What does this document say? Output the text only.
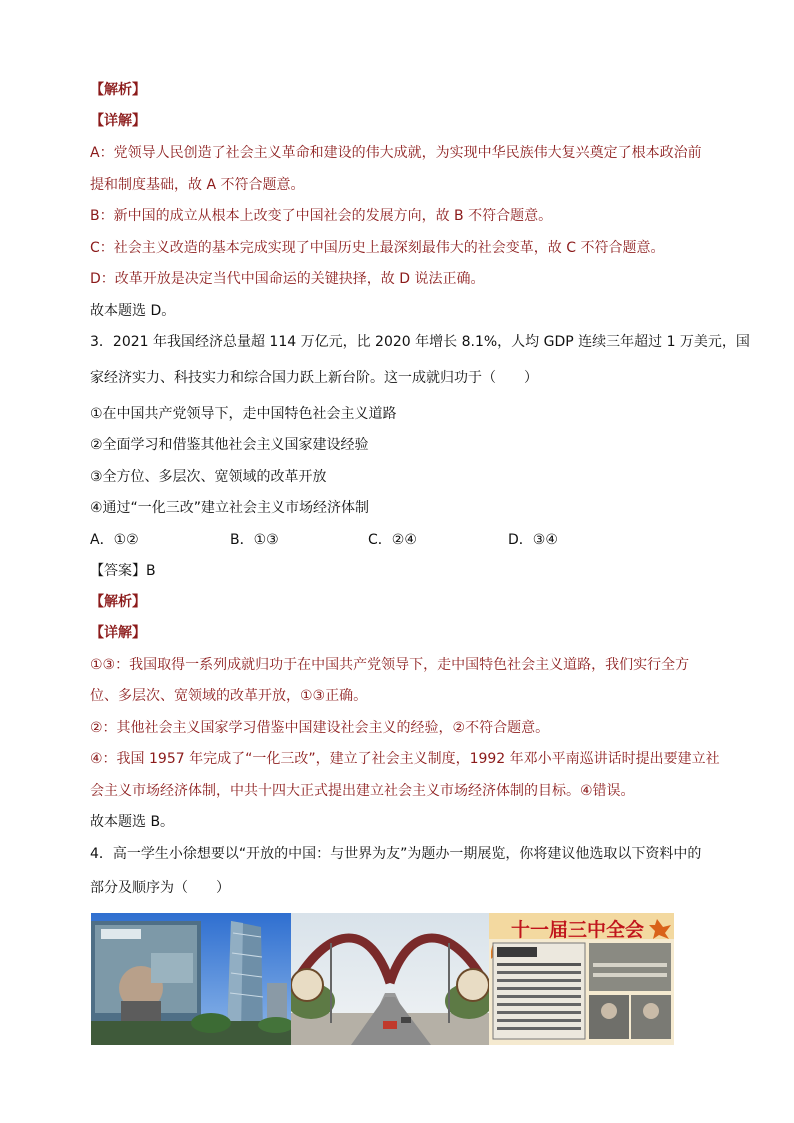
【解析】
【详解】
A：党领导人民创造了社会主义革命和建设的伟大成就，为实现中华民族伟大复兴奠定了根本政治前
提和制度基础，故 A 不符合题意。
B：新中国的成立从根本上改变了中国社会的发展方向，故 B 不符合题意。
C：社会主义改造的基本完成实现了中国历史上最深刻最伟大的社会变革，故 C 不符合题意。
D：改革开放是决定当代中国命运的关键抉择，故 D 说法正确。
故本题选 D。
3．2021 年我国经济总量超 114 万亿元，比 2020 年增长 8.1%，人均 GDP 连续三年超过 1 万美元，国
家经济实力、科技实力和综合国力跃上新台阶。这一成就归功于（　　）
①在中国共产党领导下，走中国特色社会主义道路
②全面学习和借鉴其他社会主义国家建设经验
③全方位、多层次、宽领域的改革开放
④通过“一化三改”建立社会主义市场经济体制
A．①②	B．①③	C．②④	D．③④
【答案】B
【解析】
【详解】
①③：我国取得一系列成就归功于在中国共产党领导下，走中国特色社会主义道路，我们实行全方
位、多层次、宽领域的改革开放，①③正确。
②：其他社会主义国家学习借鉴中国建设社会主义的经验，②不符合题意。
④：我国 1957 年完成了“一化三改”，建立了社会主义制度，1992 年邓小平南巡讲话时提出要建立社
会主义市场经济体制，中共十四大正式提出建立社会主义市场经济体制的目标。④错误。
故本题选 B。
4．高一学生小徐想要以“开放的中国：与世界为友”为题办一期展览，你将建议他选取以下资料中的
部分及顺序为（　　）
十一届三中全会
